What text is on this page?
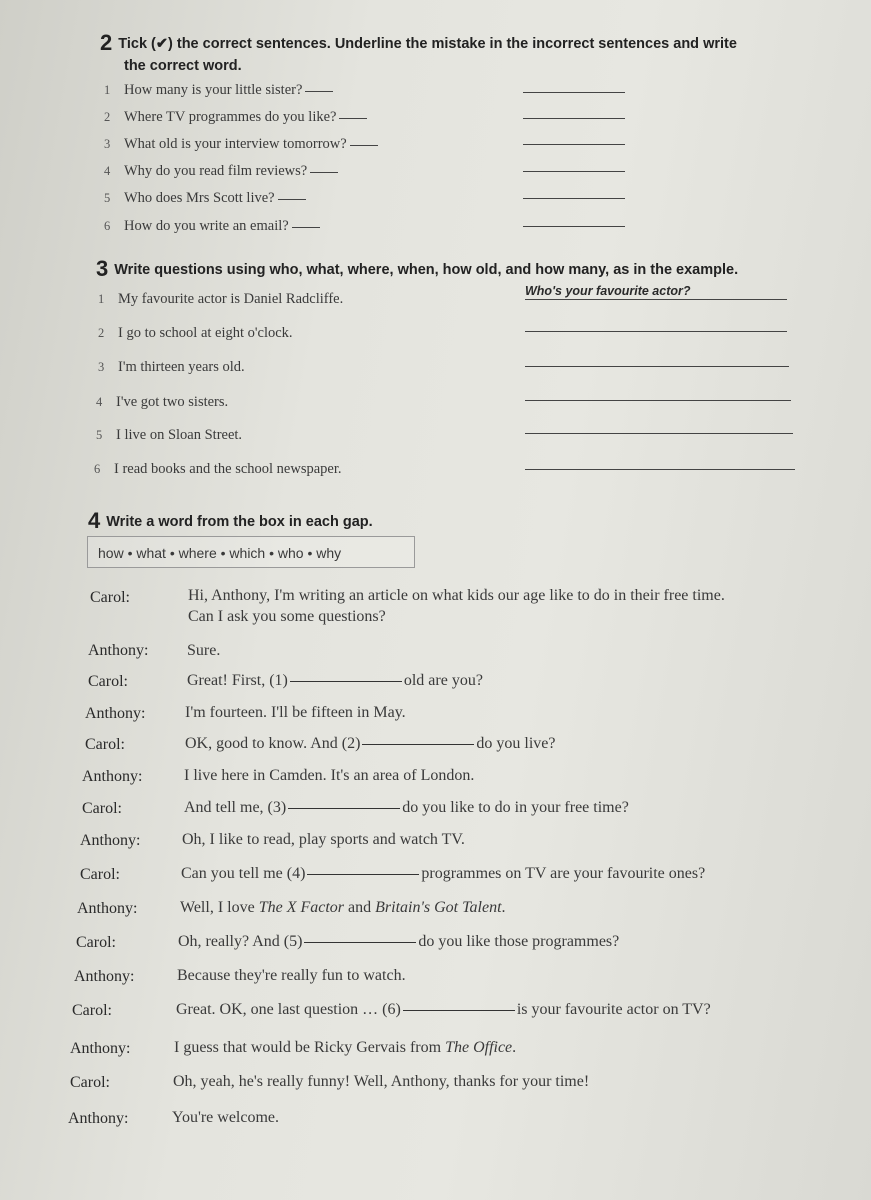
2 Tick (✔) the correct sentences. Underline the mistake in the incorrect sentences and write
the correct word.
1 How many is your little sister?
2 Where TV programmes do you like?
3 What old is your interview tomorrow?
4 Why do you read film reviews?
5 Who does Mrs Scott live?
6 How do you write an email?
3 Write questions using who, what, where, when, how old, and how many, as in the example.
1 My favourite actor is Daniel Radcliffe.	Who's your favourite actor?
2 I go to school at eight o'clock.
3 I'm thirteen years old.
4 I've got two sisters.
5 I live on Sloan Street.
6 I read books and the school newspaper.
4 Write a word from the box in each gap.
how • what • where • which • who • why
Carol:	Hi, Anthony, I'm writing an article on what kids our age like to do in their free time.
Can I ask you some questions?
Anthony: Sure.
Carol:	Great! First, (1)	old are you?
Anthony: I'm fourteen. I'll be fifteen in May.
Carol:	OK, good to know. And (2)	do you live?
Anthony:	I live here in Camden. It's an area of London.
Carol:	And tell me, (3)	do you like to do in your free time?
Anthony:	Oh, I like to read, play sports and watch TV.
Carol:	Can you tell me (4)	programmes on TV are your favourite ones?
Anthony:	Well, I love The X Factor and Britain's Got Talent.
Carol:	Oh, really? And (5)	do you like those programmes?
Anthony:	Because they're really fun to watch.
Carol:	Great. OK, one last question … (6)	is your favourite actor on TV?
Anthony:	I guess that would be Ricky Gervais from The Office.
Carol:	Oh, yeah, he's really funny! Well, Anthony, thanks for your time!
Anthony:	You're welcome.
